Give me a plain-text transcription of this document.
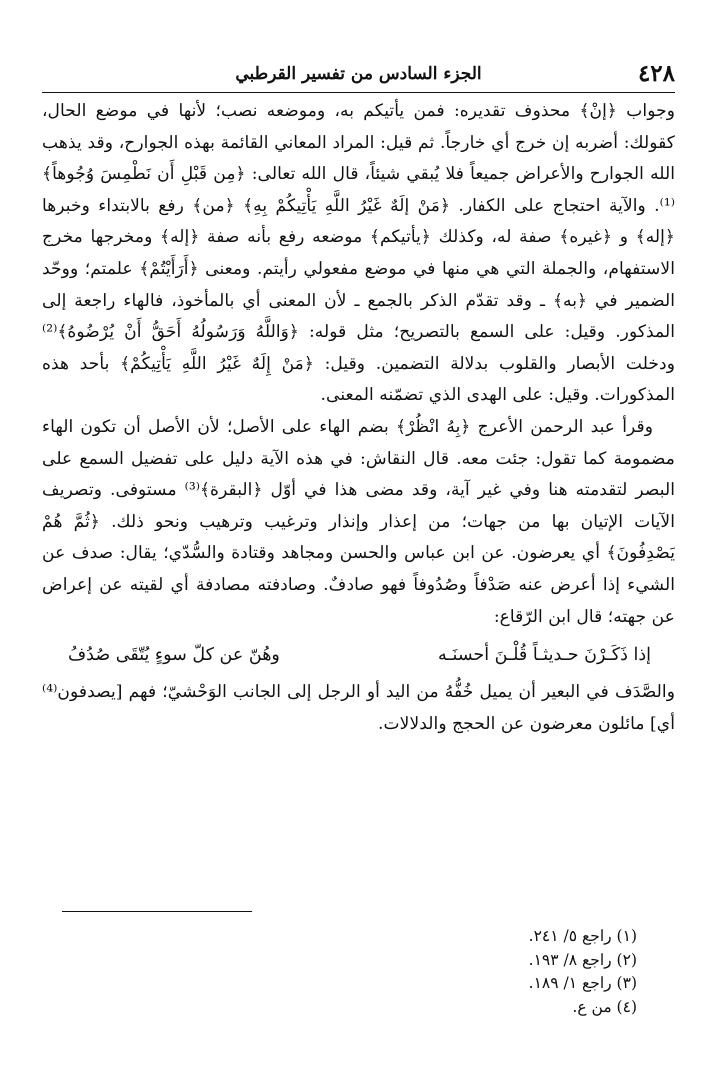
٤٢٨
الجزء السادس من تفسير القرطبي

وجواب ﴿إنْ﴾ محذوف تقديره: فمن يأتيكم به، وموضعه نصب؛ لأنها في موضع الحال، كقولك: أضربه إن خرج أي خارجاً. ثم قيل: المراد المعاني القائمة بهذه الجوارح، وقد يذهب الله الجوارح والأعراض جميعاً فلا يُبقي شيئاً، قال الله تعالى: ﴿مِن قَبْلِ أَن نَطْمِسَ وُجُوهاً﴾⁽¹⁾. والآية احتجاج على الكفار. ﴿مَنْ إلَهٌ غَيْرُ اللَّهِ يَأْتِيكُمْ بِهِ﴾ ﴿من﴾ رفع بالابتداء وخبرها ﴿إله﴾ و ﴿غيره﴾ صفة له، وكذلك ﴿يأتيكم﴾ موضعه رفع بأنه صفة ﴿إله﴾ ومخرجها مخرج الاستفهام، والجملة التي هي منها في موضع مفعولي رأيتم. ومعنى ﴿أَرَأَيْتُمْ﴾ علمتم؛ ووحّد الضمير في ﴿به﴾ ـ وقد تقدّم الذكر بالجمع ـ لأن المعنى أي بالمأخوذ، فالهاء راجعة إلى المذكور. وقيل: على السمع بالتصريح؛ مثل قوله: ﴿وَاللَّهُ وَرَسُولُهُ أَحَقُّ أَنْ يُرْضُوهُ﴾⁽²⁾ ودخلت الأبصار والقلوب بدلالة التضمين. وقيل: ﴿مَنْ إِلَهٌ غَيْرُ اللَّهِ يَأْتِيكُمْ﴾ بأحد هذه المذكورات. وقيل: على الهدى الذي تضمّنه المعنى.

وقرأ عبد الرحمن الأعرج ﴿بِهُ انْظُرْ﴾ بضم الهاء على الأصل؛ لأن الأصل أن تكون الهاء مضمومة كما تقول: جئت معه. قال النقاش: في هذه الآية دليل على تفضيل السمع على البصر لتقدمته هنا وفي غير آية، وقد مضى هذا في أوّل ﴿البقرة﴾⁽³⁾ مستوفى. وتصريف الآيات الإتيان بها من جهات؛ من إعذار وإنذار وترغيب وترهيب ونحو ذلك. ﴿ثُمَّ هُمْ يَصْدِفُونَ﴾ أي يعرضون. عن ابن عباس والحسن ومجاهد وقتادة والسُّدّي؛ يقال: صدف عن الشيء إذا أعرض عنه صَدْفاً وصُدُوفاً فهو صادفٌ. وصادفته مصادفة أي لقيته عن إعراض عن جهته؛ قال ابن الرّقاع:

إذا ذَكَـرْنَ حـديثـاً قُلْـنَ أحسنَـه
وهُنّ عن كلّ سوءٍ يُتّقَى صُدُفُ

والصَّدَف في البعير أن يميل خُفُّهُ من اليد أو الرجل إلى الجانب الوَحْشيّ؛ فهم [يصدفون⁽⁴⁾ أي] مائلون معرضون عن الحجج والدلالات.

(١) راجع ٥/ ٢٤١.
(٢) راجع ٨/ ١٩٣.
(٣) راجع ١/ ١٨٩.
(٤) من ع.
